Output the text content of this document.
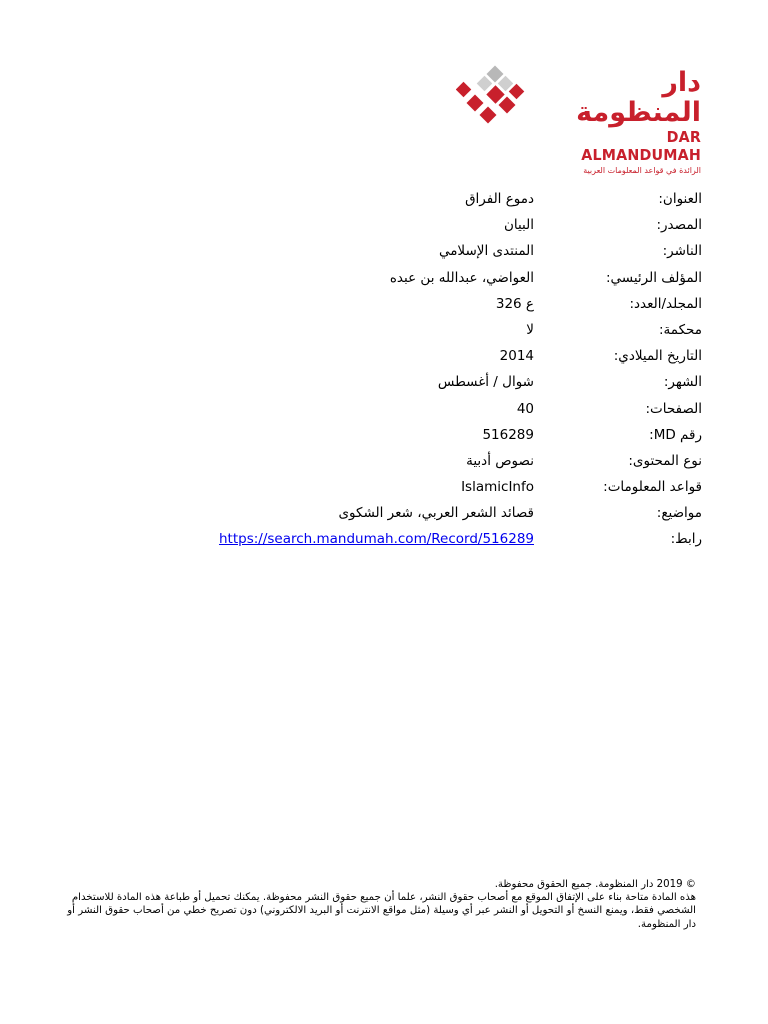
دار المنظومة
DAR ALMANDUMAH
الرائدة في قواعد المعلومات العربية
العنوان:
دموع الفراق
المصدر:
البيان
الناشر:
المنتدى الإسلامي
المؤلف الرئيسي:
العواضي، عبدالله بن عبده
المجلد/العدد:
ع 326
محكمة:
لا
التاريخ الميلادي:
2014
الشهر:
شوال / أغسطس
الصفحات:
40
رقم MD:
516289
نوع المحتوى:
نصوص أدبية
قواعد المعلومات:
IslamicInfo
مواضيع:
قصائد الشعر العربي، شعر الشكوى
رابط:
https://search.mandumah.com/Record/516289

© 2019 دار المنظومة. جميع الحقوق محفوظة.

هذه المادة متاحة بناء على الإتفاق الموقع مع أصحاب حقوق النشر، علما أن جميع حقوق النشر محفوظة. يمكنك تحميل أو طباعة هذه المادة للاستخدام الشخصي فقط، ويمنع النسخ أو التحويل أو النشر عبر أي وسيلة (مثل مواقع الانترنت أو البريد الالكتروني) دون تصريح خطي من أصحاب حقوق النشر أو دار المنظومة.
